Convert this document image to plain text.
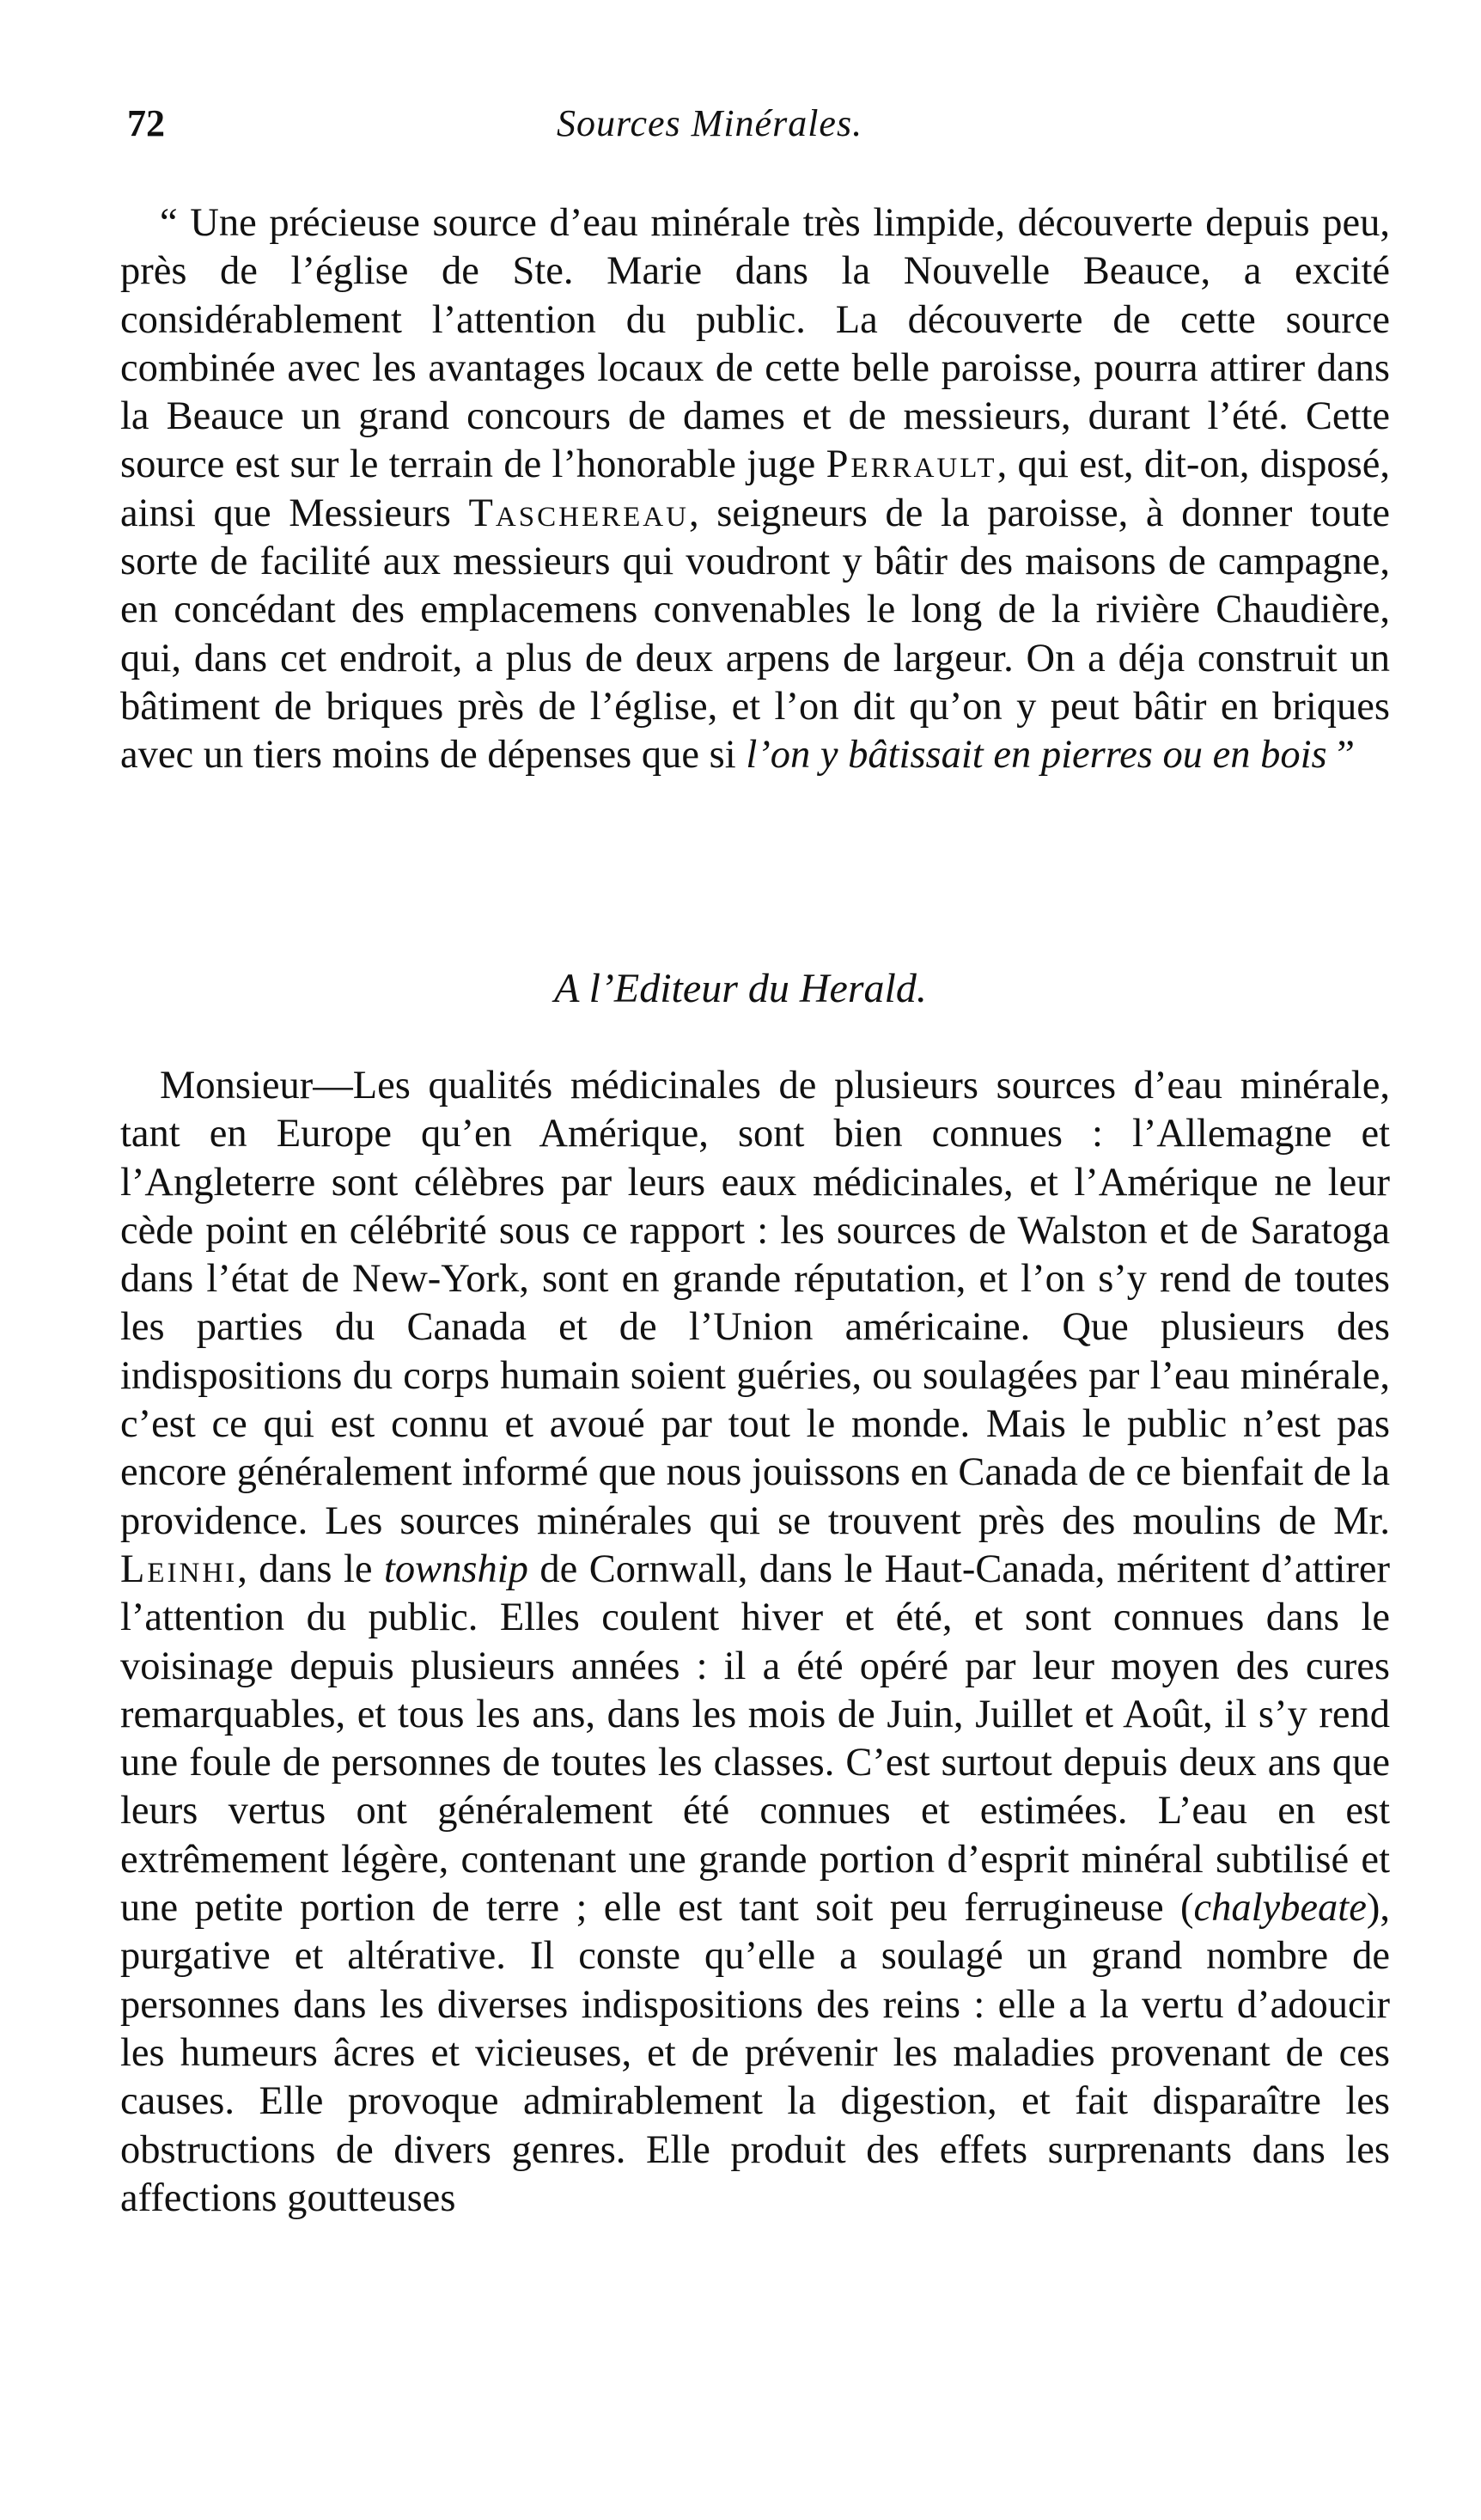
72	Sources Minérales.

“ Une précieuse source d’eau minérale très limpide, découverte depuis peu, près de l’église de Ste. Marie dans la Nouvelle Beauce, a excité considérablement l’attention du public. La découverte de cette source combinée avec les avantages locaux de cette belle paroisse, pourra attirer dans la Beauce un grand concours de dames et de messieurs, durant l’été. Cette source est sur le terrain de l’honorable juge Perrault, qui est, dit-on, disposé, ainsi que Messieurs Taschereau, seigneurs de la paroisse, à donner toute sorte de facilité aux messieurs qui voudront y bâtir des maisons de campagne, en concédant des emplacemens convenables le long de la rivière Chaudière, qui, dans cet endroit, a plus de deux arpens de largeur. On a déja construit un bâtiment de briques près de l’église, et l’on dit qu’on y peut bâtir en briques avec un tiers moins de dépenses que si l’on y bâtissait en pierres ou en bois ”

A l’Editeur du Herald.

Monsieur—Les qualités médicinales de plusieurs sources d’eau minérale, tant en Europe qu’en Amérique, sont bien connues : l’Allemagne et l’Angleterre sont célèbres par leurs eaux médicinales, et l’Amérique ne leur cède point en célébrité sous ce rapport : les sources de Walston et de Saratoga dans l’état de New-York, sont en grande réputation, et l’on s’y rend de toutes les parties du Canada et de l’Union américaine. Que plusieurs des indispositions du corps humain soient guéries, ou soulagées par l’eau minérale, c’est ce qui est connu et avoué par tout le monde. Mais le public n’est pas encore généralement informé que nous jouissons en Canada de ce bienfait de la providence. Les sources minérales qui se trouvent près des moulins de Mr. Leinhi, dans le township de Cornwall, dans le Haut-Canada, méritent d’attirer l’attention du public. Elles coulent hiver et été, et sont connues dans le voisinage depuis plusieurs années : il a été opéré par leur moyen des cures remarquables, et tous les ans, dans les mois de Juin, Juillet et Août, il s’y rend une foule de personnes de toutes les classes. C’est surtout depuis deux ans que leurs vertus ont généralement été connues et estimées. L’eau en est extrêmement légère, contenant une grande portion d’esprit minéral subtilisé et une petite portion de terre ; elle est tant soit peu ferrugineuse (chalybeate), purgative et altérative. Il conste qu’elle a soulagé un grand nombre de personnes dans les diverses indispositions des reins : elle a la vertu d’adoucir les humeurs âcres et vicieuses, et de prévenir les maladies provenant de ces causes. Elle provoque admirablement la digestion, et fait disparaître les obstructions de divers genres. Elle produit des effets surprenants dans les affections goutteuses
